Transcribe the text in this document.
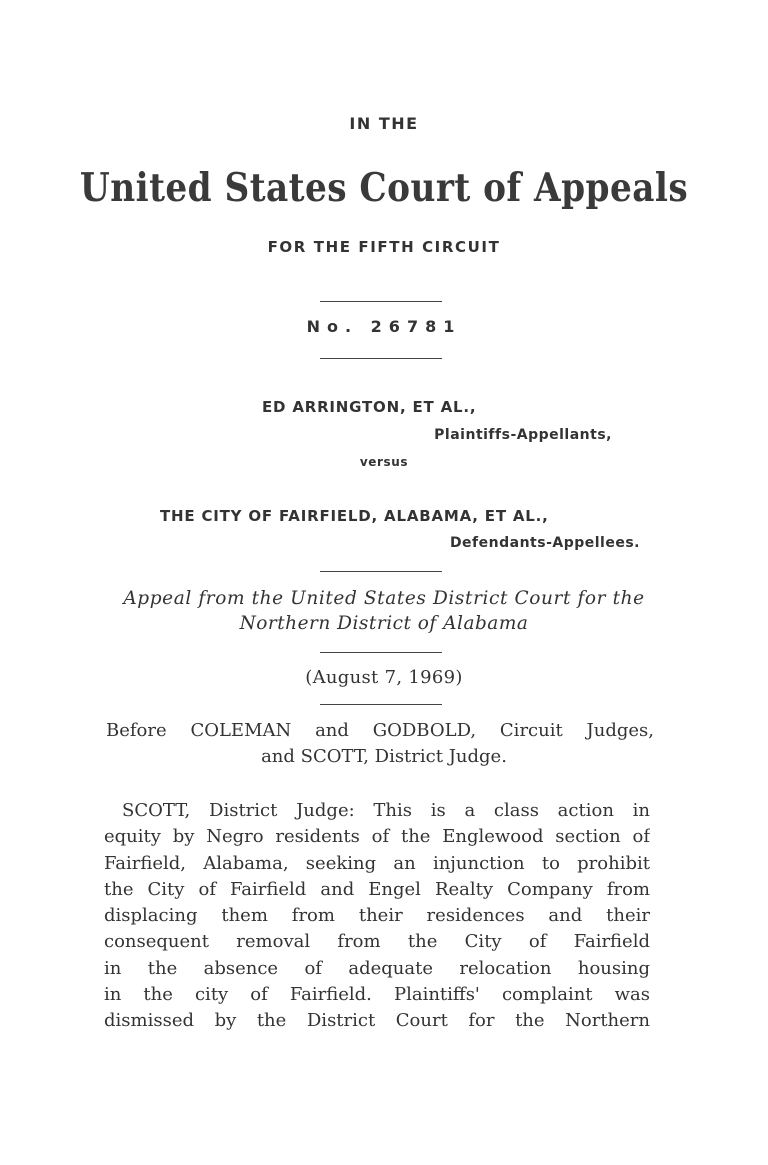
IN THE
United States Court of Appeals
FOR THE FIFTH CIRCUIT
No. 26781
ED ARRINGTON, ET AL.,
Plaintiffs-Appellants,
versus
THE CITY OF FAIRFIELD, ALABAMA, ET AL.,
Defendants-Appellees.
Appeal from the United States District Court for the
Northern District of Alabama
(August 7, 1969)
Before COLEMAN and GODBOLD, Circuit Judges,
and SCOTT, District Judge.
SCOTT, District Judge: This is a class action in
equity by Negro residents of the Englewood section of
Fairfield, Alabama, seeking an injunction to prohibit
the City of Fairfield and Engel Realty Company from
displacing them from their residences and their
consequent removal from the City of Fairfield
in the absence of adequate relocation housing
in the city of Fairfield. Plaintiffs' complaint was
dismissed by the District Court for the Northern
